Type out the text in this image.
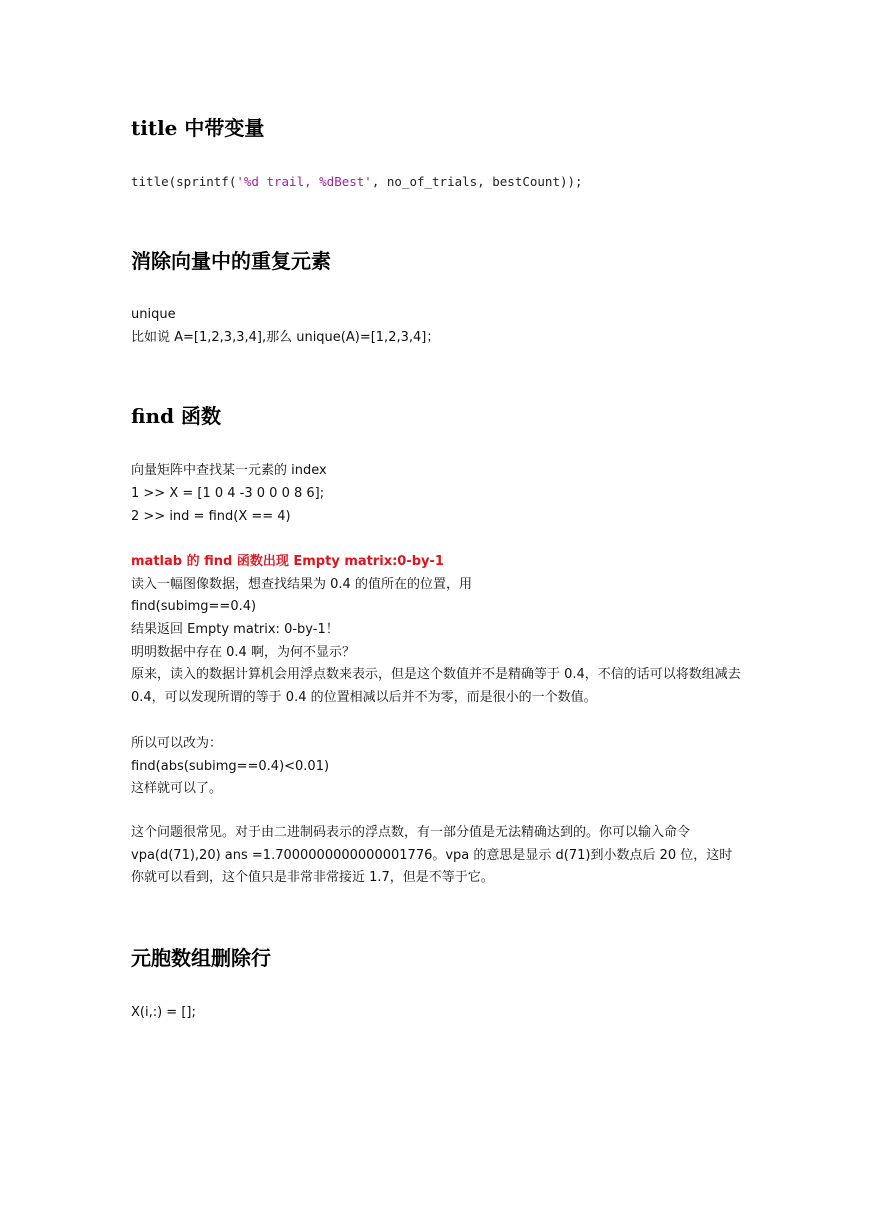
title 中带变量
title(sprintf('%d trail, %dBest', no_of_trials, bestCount));
消除向量中的重复元素
unique
比如说 A=[1,2,3,3,4],那么 unique(A)=[1,2,3,4]；
find 函数
向量矩阵中查找某一元素的 index
1 >> X = [1 0 4 -3 0 0 0 8 6];
2 >> ind = find(X == 4)
matlab 的 find 函数出现 Empty matrix:0-by-1
读入一幅图像数据，想查找结果为 0.4 的值所在的位置，用
find(subimg==0.4)
结果返回 Empty matrix: 0-by-1！
明明数据中存在 0.4 啊，为何不显示？
原来，读入的数据计算机会用浮点数来表示，但是这个数值并不是精确等于 0.4，不信的话可以将数组减去 0.4，可以发现所谓的等于 0.4 的位置相减以后并不为零，而是很小的一个数值。
所以可以改为：
find(abs(subimg==0.4)<0.01)
这样就可以了。
这个问题很常见。对于由二进制码表示的浮点数，有一部分值是无法精确达到的。你可以输入命令 vpa(d(71),20) ans =1.7000000000000001776。vpa 的意思是显示 d(71)到小数点后 20 位，这时你就可以看到，这个值只是非常非常接近 1.7，但是不等于它。
元胞数组删除行
X(i,:) = [];
